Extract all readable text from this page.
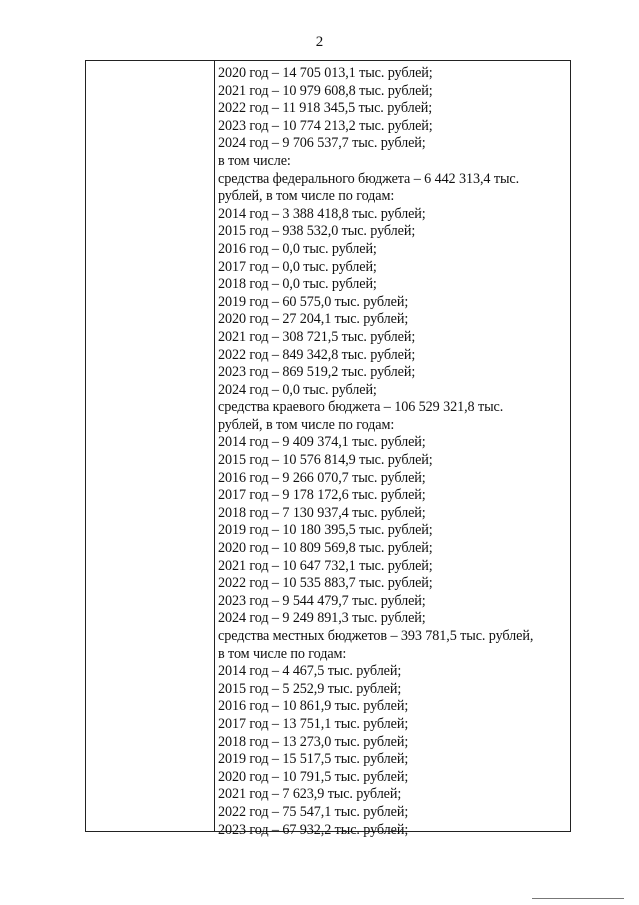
2
2020 год – 14 705 013,1 тыс. рублей;
2021 год – 10 979 608,8 тыс. рублей;
2022 год – 11 918 345,5 тыс. рублей;
2023 год – 10 774 213,2 тыс. рублей;
2024 год – 9 706 537,7 тыс. рублей;
в том числе:
средства федерального бюджета – 6 442 313,4 тыс.
рублей, в том числе по годам:
2014 год – 3 388 418,8 тыс. рублей;
2015 год – 938 532,0 тыс. рублей;
2016 год – 0,0 тыс. рублей;
2017 год – 0,0 тыс. рублей;
2018 год – 0,0 тыс. рублей;
2019 год – 60 575,0 тыс. рублей;
2020 год – 27 204,1 тыс. рублей;
2021 год – 308 721,5 тыс. рублей;
2022 год – 849 342,8 тыс. рублей;
2023 год – 869 519,2 тыс. рублей;
2024 год – 0,0 тыс. рублей;
средства краевого бюджета – 106 529 321,8 тыс.
рублей, в том числе по годам:
2014 год – 9 409 374,1 тыс. рублей;
2015 год – 10 576 814,9 тыс. рублей;
2016 год – 9 266 070,7 тыс. рублей;
2017 год – 9 178 172,6 тыс. рублей;
2018 год – 7 130 937,4 тыс. рублей;
2019 год – 10 180 395,5 тыс. рублей;
2020 год – 10 809 569,8 тыс. рублей;
2021 год – 10 647 732,1 тыс. рублей;
2022 год – 10 535 883,7 тыс. рублей;
2023 год – 9 544 479,7 тыс. рублей;
2024 год – 9 249 891,3 тыс. рублей;
средства местных бюджетов – 393 781,5 тыс. рублей,
в том числе по годам:
2014 год – 4 467,5 тыс. рублей;
2015 год – 5 252,9 тыс. рублей;
2016 год – 10 861,9 тыс. рублей;
2017 год – 13 751,1 тыс. рублей;
2018 год – 13 273,0 тыс. рублей;
2019 год – 15 517,5 тыс. рублей;
2020 год – 10 791,5 тыс. рублей;
2021 год – 7 623,9 тыс. рублей;
2022 год – 75 547,1 тыс. рублей;
2023 год – 67 932,2 тыс. рублей;
